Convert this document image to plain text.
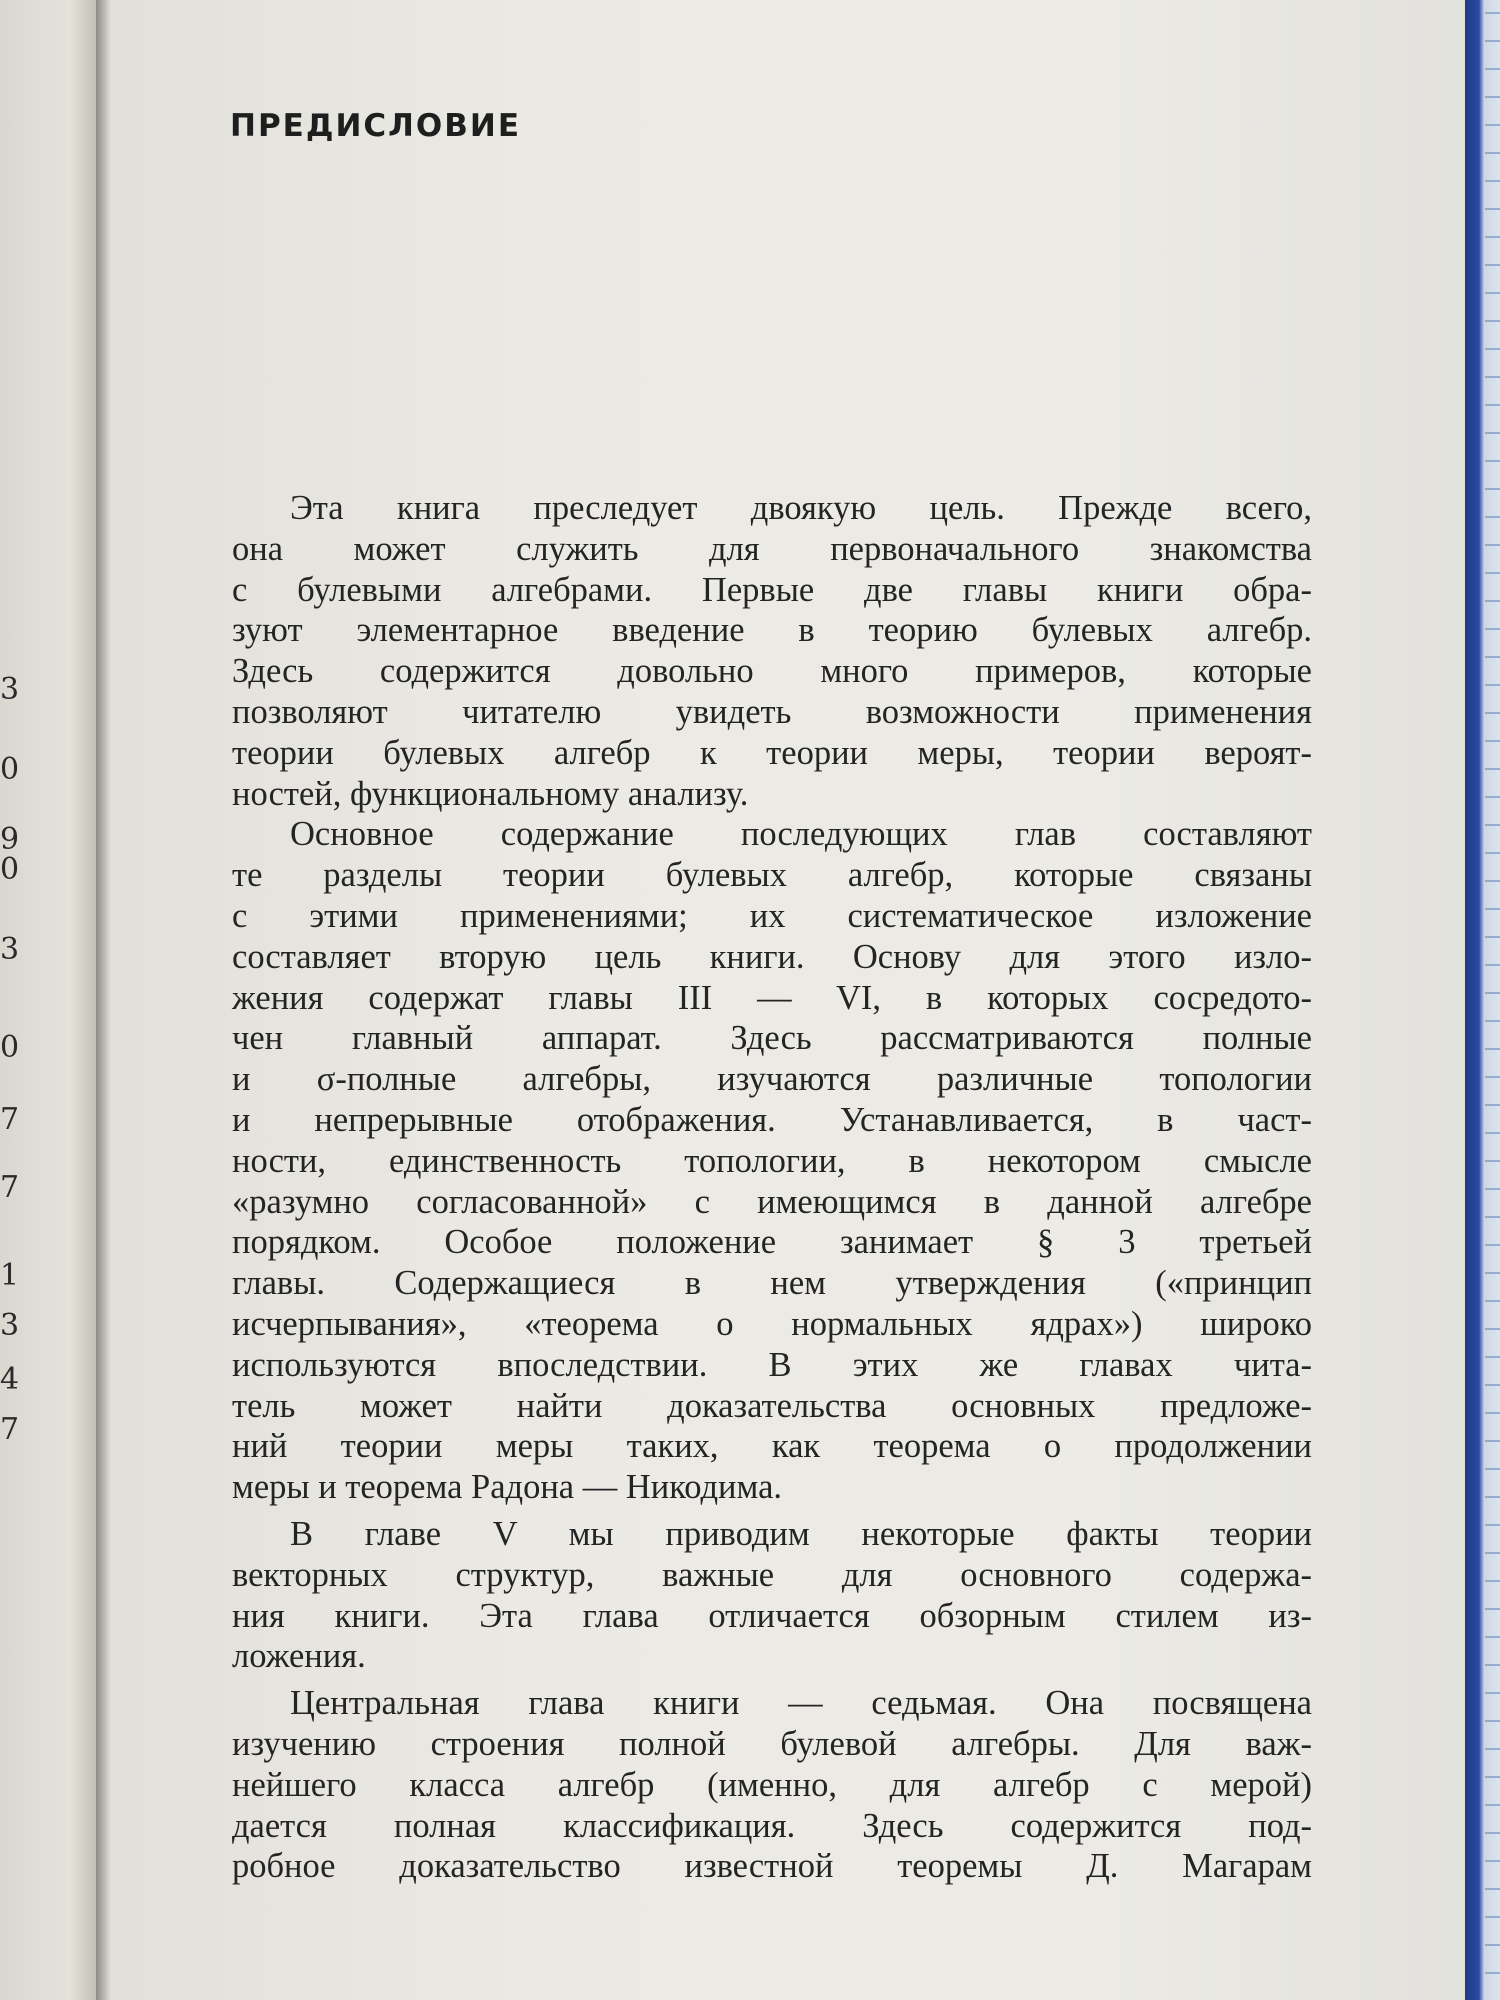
3
0
9
0
3
0
7
7
1
3
4
7
ПРЕДИСЛОВИЕ
Эта книга преследует двоякую цель. Прежде всего,
она может служить для первоначального знакомства
с булевыми алгебрами. Первые две главы книги обра-
зуют элементарное введение в теорию булевых алгебр.
Здесь содержится довольно много примеров, которые
позволяют читателю увидеть возможности применения
теории булевых алгебр к теории меры, теории вероят-
ностей, функциональному анализу.
Основное содержание последующих глав составляют
те разделы теории булевых алгебр, которые связаны
с этими применениями; их систематическое изложение
составляет вторую цель книги. Основу для этого изло-
жения содержат главы III — VI, в которых сосредото-
чен главный аппарат. Здесь рассматриваются полные
и σ-полные алгебры, изучаются различные топологии
и непрерывные отображения. Устанавливается, в част-
ности, единственность топологии, в некотором смысле
«разумно согласованной» с имеющимся в данной алгебре
порядком. Особое положение занимает § 3 третьей
главы. Содержащиеся в нем утверждения («принцип
исчерпывания», «теорема о нормальных ядрах») широко
используются впоследствии. В этих же главах чита-
тель может найти доказательства основных предложе-
ний теории меры таких, как теорема о продолжении
меры и теорема Радона — Никодима.
В главе V мы приводим некоторые факты теории
векторных структур, важные для основного содержа-
ния книги. Эта глава отличается обзорным стилем из-
ложения.
Центральная глава книги — седьмая. Она посвящена
изучению строения полной булевой алгебры. Для важ-
нейшего класса алгебр (именно, для алгебр с мерой)
дается полная классификация. Здесь содержится под-
робное доказательство известной теоремы Д. Магарам
